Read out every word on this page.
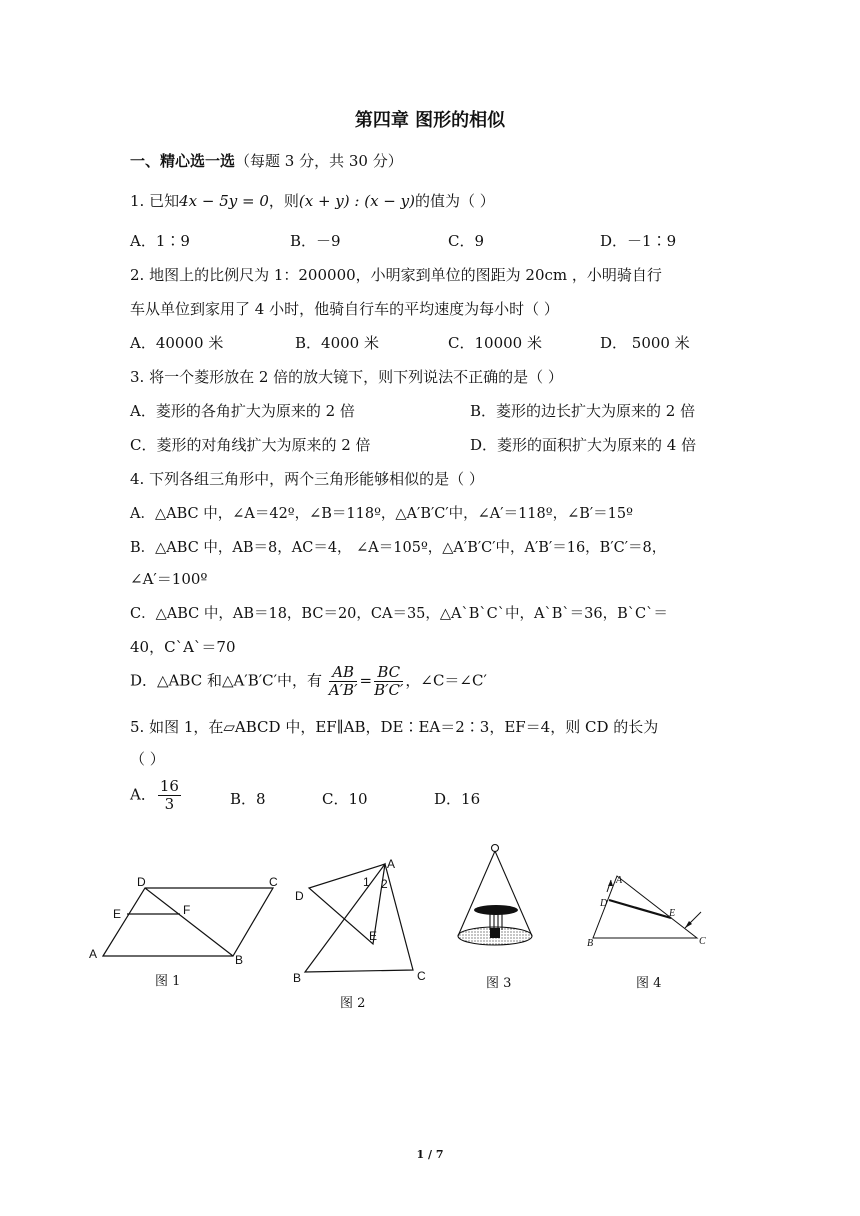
第四章 图形的相似
一、精心选一选（每题 3 分，共 30 分）
1. 已知4x − 5y = 0，则(x + y) : (x − y)的值为（ ）
A．1∶9	B．－9	C．9	D．－1∶9
2. 地图上的比例尺为 1：200000，小明家到单位的图距为 20cm ，小明骑自行
车从单位到家用了 4 小时，他骑自行车的平均速度为每小时（ ）
A．40000 米	B．4000 米	C．10000 米	D． 5000 米
3. 将一个菱形放在 2 倍的放大镜下，则下列说法不正确的是（ ）
A．菱形的各角扩大为原来的 2 倍	B．菱形的边长扩大为原来的 2 倍
C．菱形的对角线扩大为原来的 2 倍	D．菱形的面积扩大为原来的 4 倍
4. 下列各组三角形中，两个三角形能够相似的是（ ）
A．△ABC 中，∠A＝42º，∠B＝118º，△A′B′C′中，∠A′＝118º，∠B′＝15º
B．△ABC 中，AB＝8，AC＝4， ∠A＝105º，△A′B′C′中，A′B′＝16，B′C′＝8，
∠A′＝100º
C．△ABC 中，AB＝18，BC＝20，CA＝35，△A`B`C`中，A`B`＝36，B`C`＝
40，C`A`＝70
D．△ABC 和△A′B′C′中，有 $\frac{AB}{A'B'} = \frac{BC}{B'C'}$ ，∠C＝∠C′
5. 如图 1，在▱ABCD 中，EF∥AB，DE∶EA＝2∶3，EF＝4，则 CD 的长为
（ ）
A． $\frac{16}{3}$	B．8	C．10	D．16
A	B
C
D
E	F
图 1
A
B	C
D
E
1 2
图 2
图 3
A
B	C
D
E
图 4
1 / 7
